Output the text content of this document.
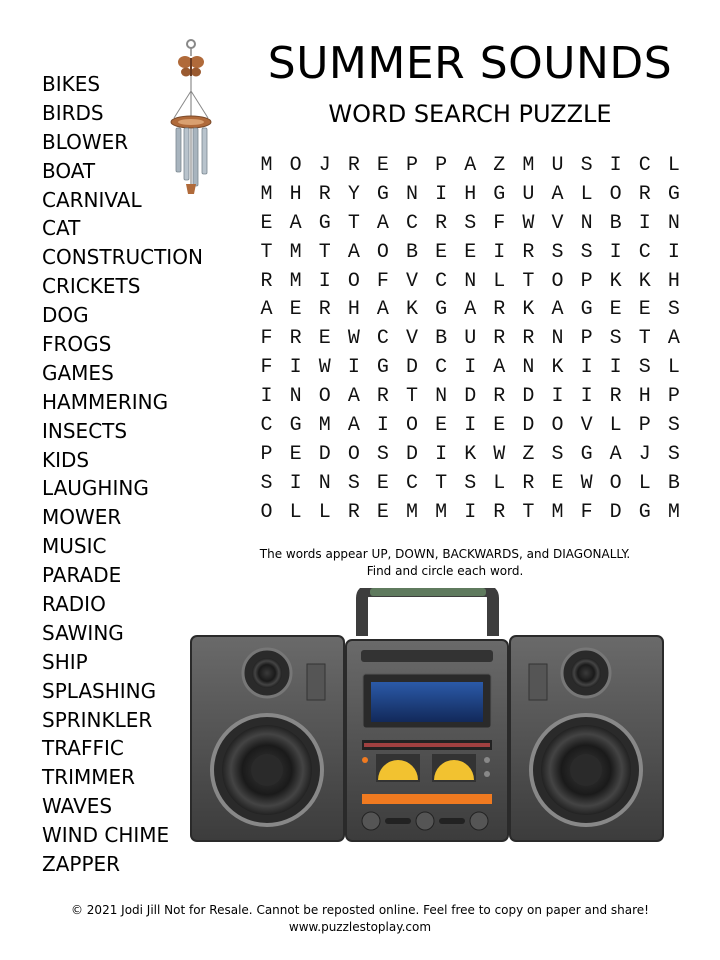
SUMMER SOUNDS
WORD SEARCH PUZZLE
BIKES
BIRDS
BLOWER
BOAT
CARNIVAL
CAT
CONSTRUCTION
CRICKETS
DOG
FROGS
GAMES
HAMMERING
INSECTS
KIDS
LAUGHING
MOWER
MUSIC
PARADE
RADIO
SAWING
SHIP
SPLASHING
SPRINKLER
TRAFFIC
TRIMMER
WAVES
WIND CHIME
ZAPPER
M O J R E P P A Z M U S I C L
M H R Y G N I H G U A L O R G
E A G T A C R S F W V N B I N
T M T A O B E E I R S S I C I
R M I O F V C N L T O P K K H
A E R H A K G A R K A G E E S
F R E W C V B U R R N P S T A
F I W I G D C I A N K I I S L
I N O A R T N D R D I I R H P
C G M A I O E I E D O V L P S
P E D O S D I K W Z S G A J S
S I N S E C T S L R E W O L B
O L L R E M M I R T M F D G M
The words appear UP, DOWN, BACKWARDS, and DIAGONALLY.
Find and circle each word.
© 2021 Jodi Jill Not for Resale. Cannot be reposted online. Feel free to copy on paper and share!
www.puzzlestoplay.com
